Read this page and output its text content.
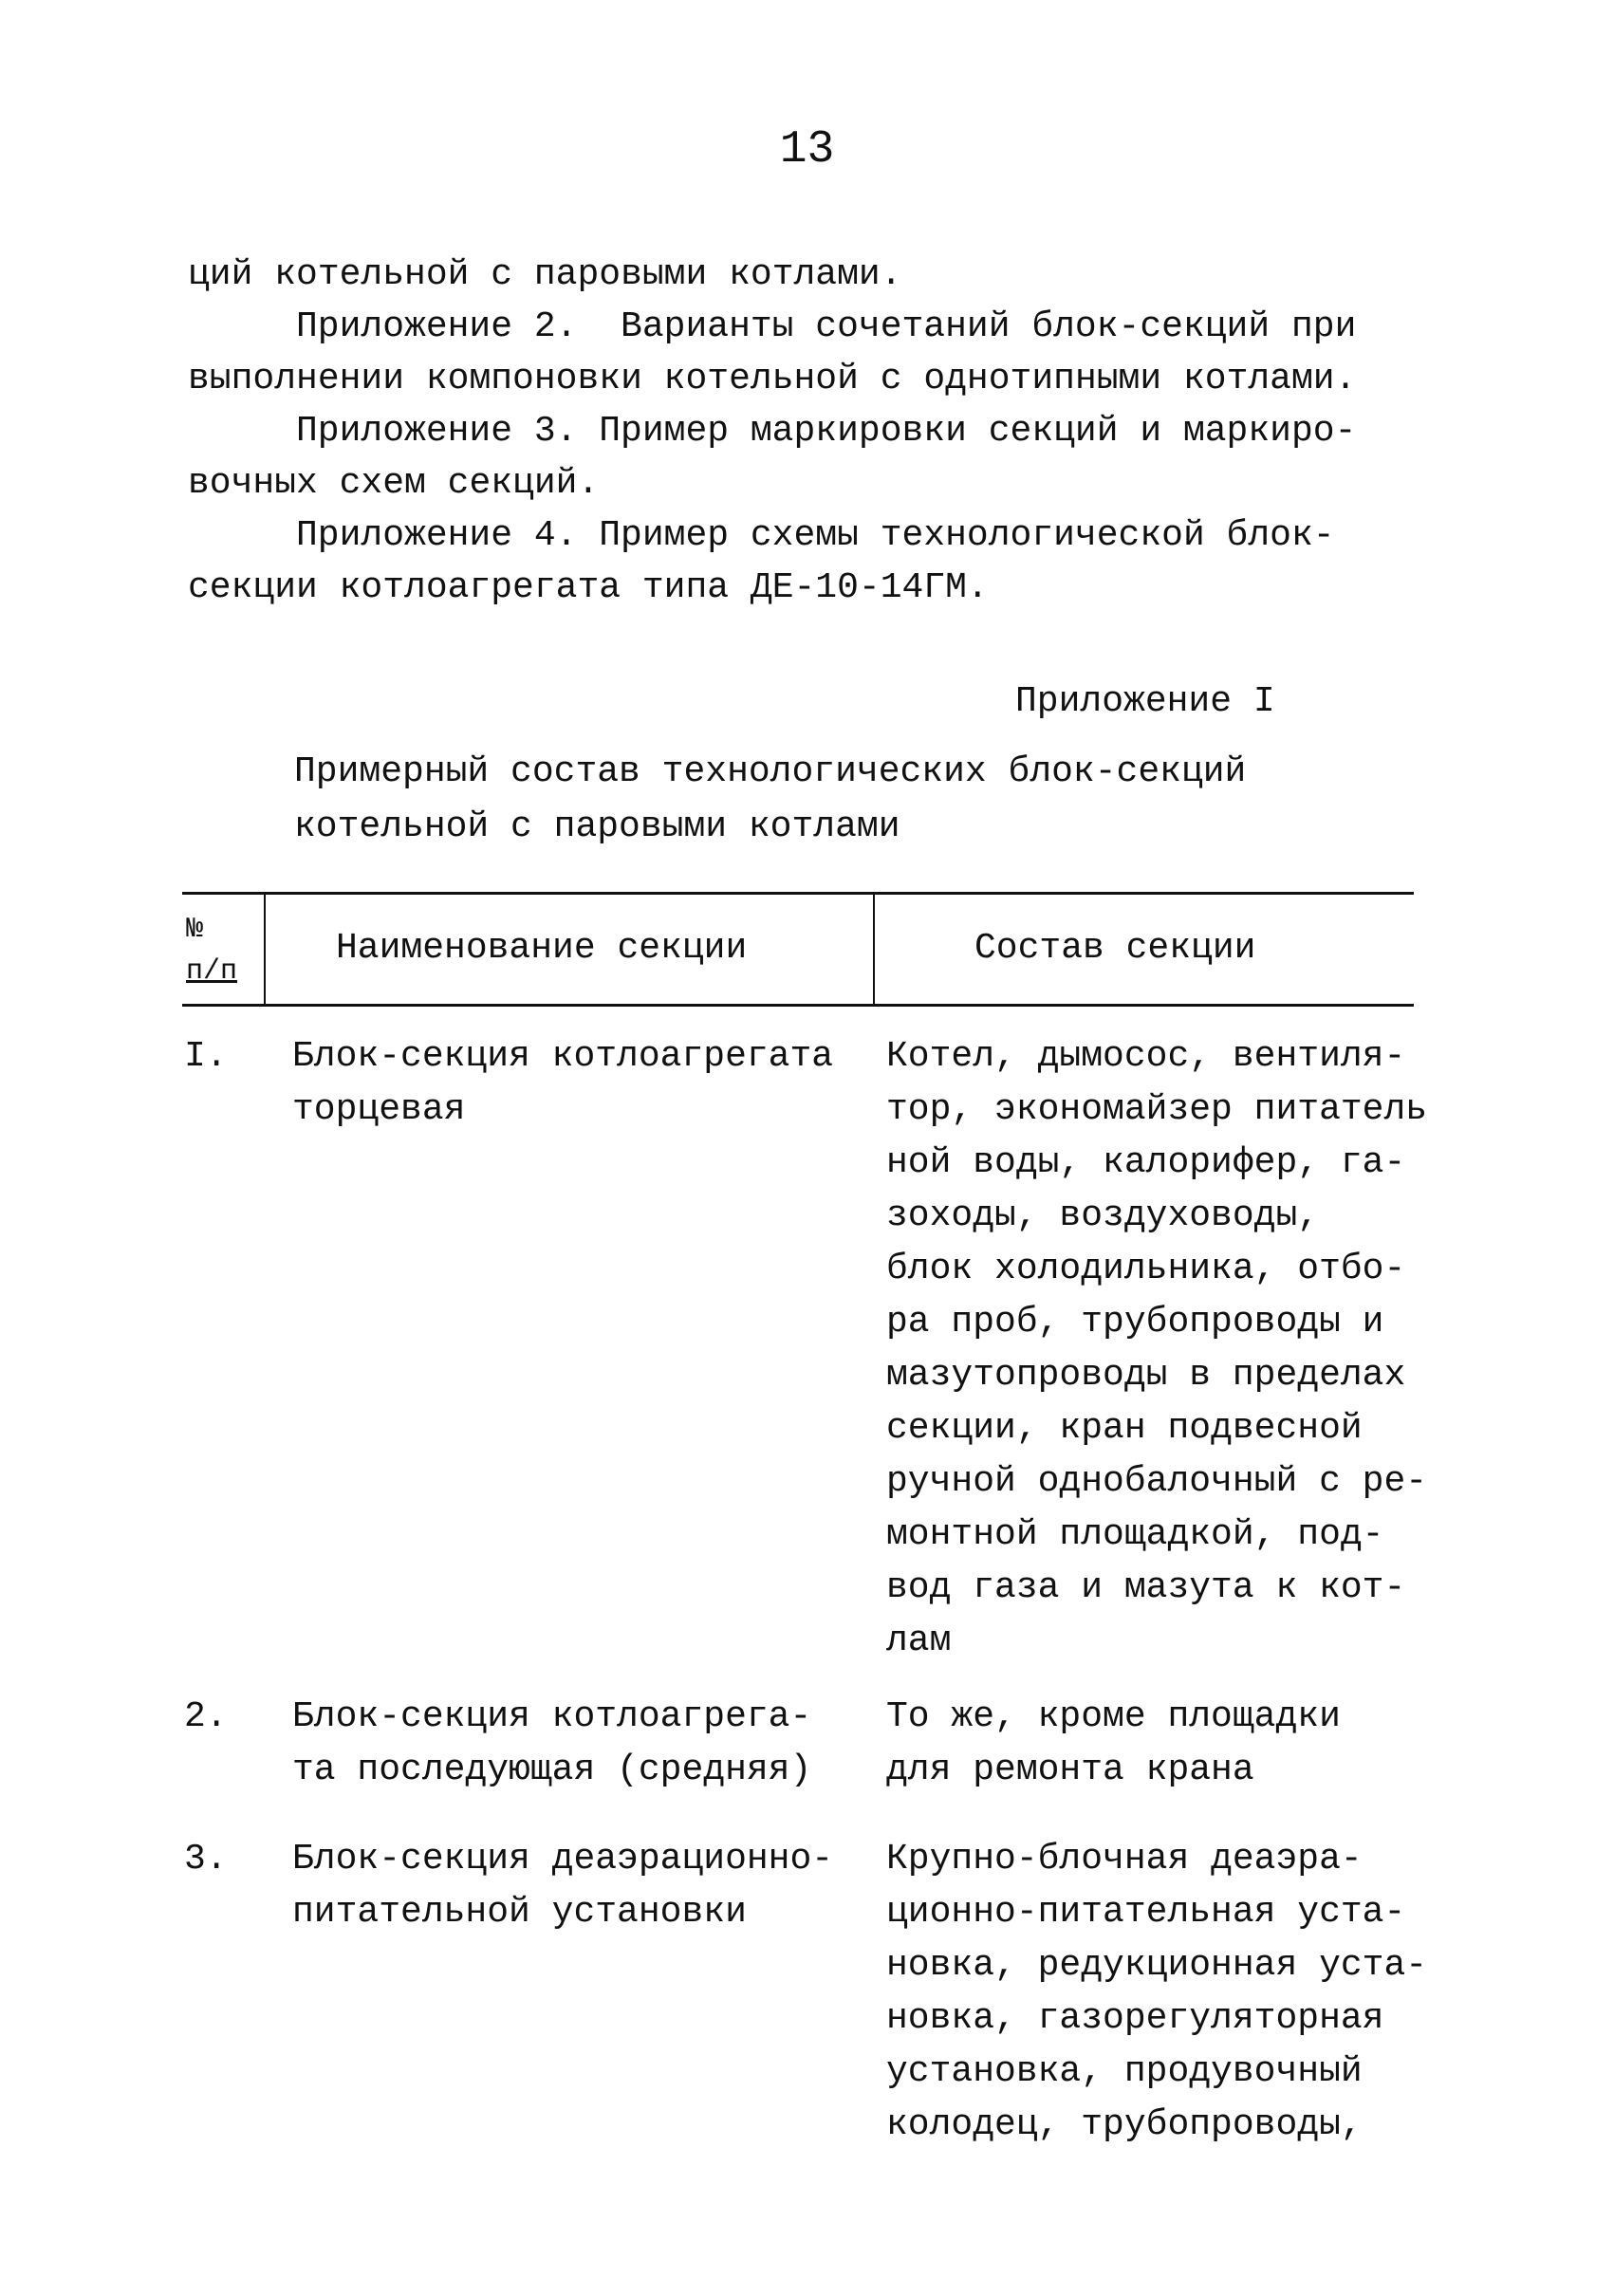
13
ций котельной с паровыми котлами.
Приложение 2.  Варианты сочетаний блок-секций при
выполнении компоновки котельной с однотипными котлами.
Приложение 3. Пример маркировки секций и маркиро-
вочных схем секций.
Приложение 4. Пример схемы технологической блок-
секции котлоагрегата типа ДЕ-10-14ГМ.
Приложение I
Примерный состав технологических блок-секций
котельной с паровыми котлами
№
п/п
Наименование секции	Состав секции
I. Блок-секция котлоагрегата
торцевая
Котел, дымосос, вентиля-
тор, экономайзер питатель
ной воды, калорифер, га-
зоходы, воздуховоды,
блок холодильника, отбо-
ра проб, трубопроводы и
мазутопроводы в пределах
секции, кран подвесной
ручной однобалочный с ре-
монтной площадкой, под-
вод газа и мазута к кот-
лам
2. Блок-секция котлоагрега-
та последующая (средняя)
То же, кроме площадки
для ремонта крана
3. Блок-секция деаэрационно-
питательной установки
Крупно-блочная деаэра-
ционно-питательная уста-
новка, редукционная уста-
новка, газорегуляторная
установка, продувочный
колодец, трубопроводы,
